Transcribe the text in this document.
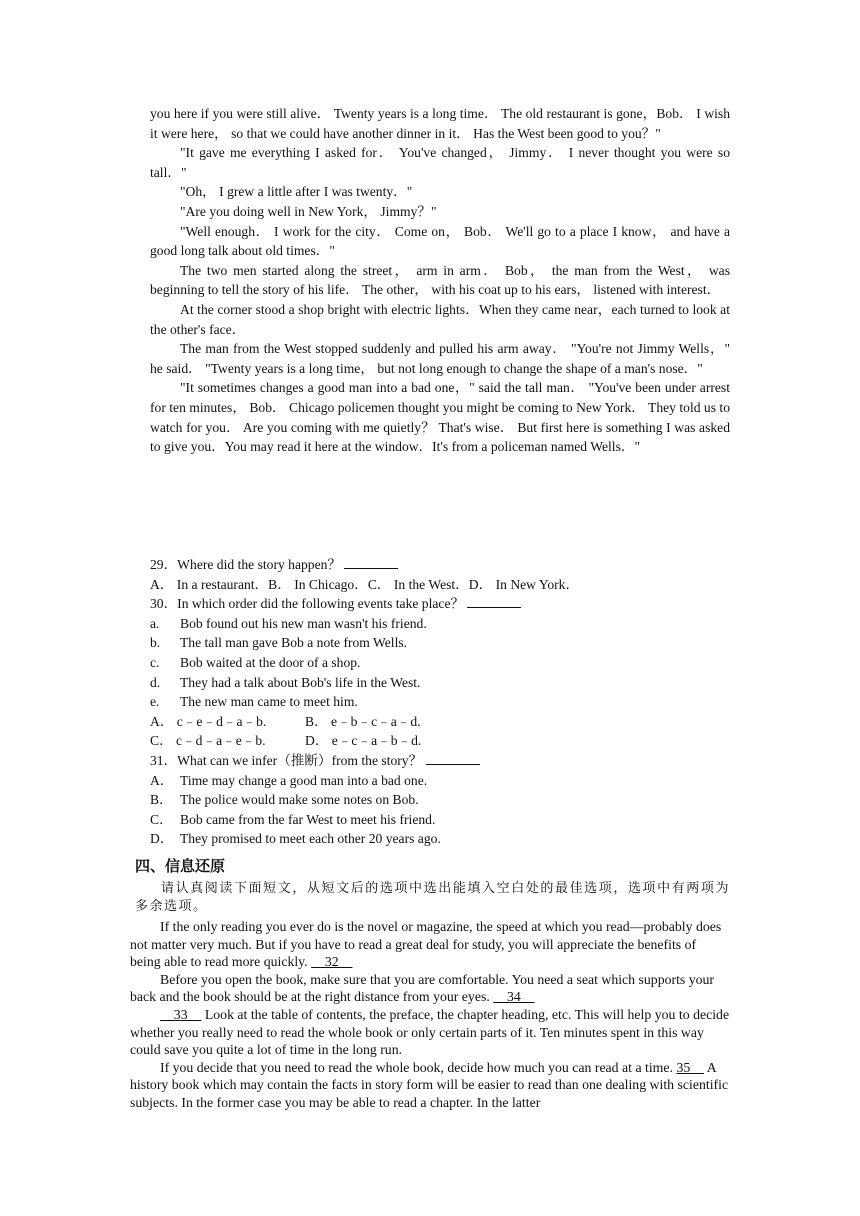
you here if you were still alive． Twenty years is a long time． The old restaurant is gone，Bob． I wish it were here， so that we could have another dinner in it． Has the West been good to you？"

"It gave me everything I asked for． You've changed， Jimmy． I never thought you were so tall．"

"Oh， I grew a little after I was twenty．"

"Are you doing well in New York， Jimmy？"

"Well enough． I work for the city． Come on， Bob． We'll go to a place I know， and have a good long talk about old times．"

The two men started along the street， arm in arm． Bob， the man from the West， was beginning to tell the story of his life． The other， with his coat up to his ears， listened with interest．

At the corner stood a shop bright with electric lights．When they came near，each turned to look at the other's face．

The man from the West stopped suddenly and pulled his arm away． "You're not Jimmy Wells，" he said． "Twenty years is a long time， but not long enough to change the shape of a man's nose．"

"It sometimes changes a good man into a bad one，" said the tall man． "You've been under arrest for ten minutes， Bob． Chicago policemen thought you might be coming to New York． They told us to watch for you． Are you coming with me quietly？ That's wise． But first here is something I was asked to give you．You may read it here at the window．It's from a policeman named Wells．"

29．Where did the story happen？
A． In a restaurant．B． In Chicago．C． In the West．D． In New York．
30．In which order did the following events take place？
a. Bob found out his new man wasn't his friend.
b. The tall man gave Bob a note from Wells.
c. Bob waited at the door of a shop.
d. They had a talk about Bob's life in the West.
e. The new man came to meet him.
A． c﹣e﹣d﹣a﹣b.	B． e﹣b﹣c﹣a﹣d.
C． c﹣d﹣a﹣e﹣b.	D． e﹣c﹣a﹣b﹣d.
31．What can we infer（推断）from the story？
A． Time may change a good man into a bad one.
B． The police would make some notes on Bob.
C． Bob came from the far West to meet his friend.
D． They promised to meet each other 20 years ago.
四、信息还原

请认真阅读下面短文，从短文后的选项中选出能填入空白处的最佳选项，选项中有两项为多余选项。

If the only reading you ever do is the novel or magazine, the speed at which you read—probably does not matter very much. But if you have to read a great deal for study, you will appreciate the benefits of being able to read more quickly.     32

Before you open the book, make sure that you are comfortable. You need a seat which supports your back and the book should be at the right distance from your eyes.     34

33     Look at the table of contents, the preface, the chapter heading, etc. This will help you to decide whether you really need to read the whole book or only certain parts of it. Ten minutes spent in this way could save you quite a lot of time in the long run.

If you decide that you need to read the whole book, decide how much you can read at a time. 35     A history book which may contain the facts in story form will be easier to read than one dealing with scientific subjects. In the former case you may be able to read a chapter. In the latter
